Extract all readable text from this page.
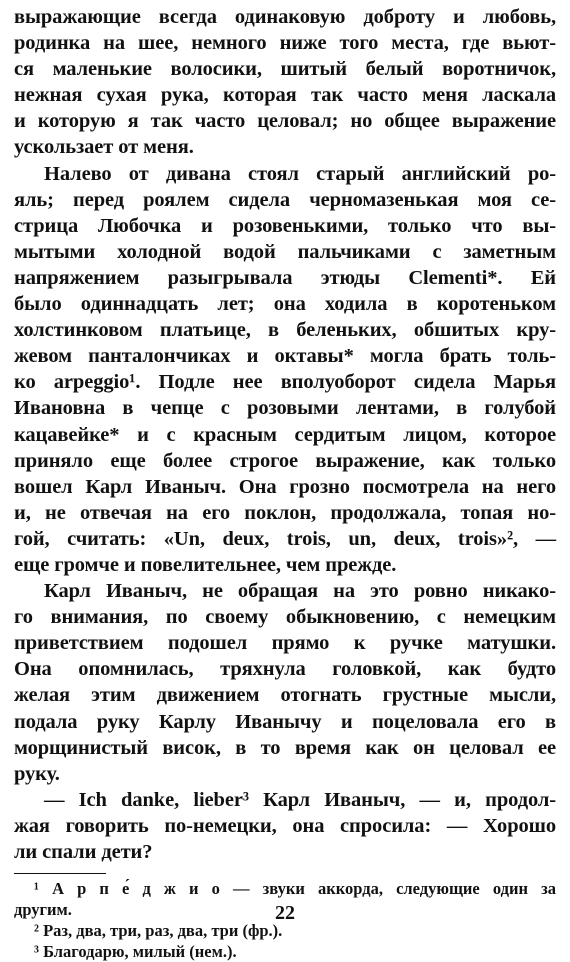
выражающие всегда одинаковую доброту и любовь,
родинка на шее, немного ниже того места, где вьют-
ся маленькие волосики, шитый белый воротничок,
нежная сухая рука, которая так часто меня ласкала
и которую я так часто целовал; но общее выражение
ускользает от меня.
Налево от дивана стоял старый английский ро-
яль; перед роялем сидела черномазенькая моя се-
стрица Любочка и розовенькими, только что вы-
мытыми холодной водой пальчиками с заметным
напряжением разыгрывала этюды Clementi*. Ей
было одиннадцать лет; она ходила в коротеньком
холстинковом платьице, в беленьких, обшитых кру-
жевом панталончиках и октавы* могла брать толь-
ко arpeggio¹. Подле нее вполуоборот сидела Марья
Ивановна в чепце с розовыми лентами, в голубой
кацавейке* и с красным сердитым лицом, которое
приняло еще более строгое выражение, как только
вошел Карл Иваныч. Она грозно посмотрела на него
и, не отвечая на его поклон, продолжала, топая но-
гой, считать: «Un, deux, trois, un, deux, trois»², —
еще громче и повелительнее, чем прежде.
Карл Иваныч, не обращая на это ровно никако-
го внимания, по своему обыкновению, с немецким
приветствием подошел прямо к ручке матушки.
Она опомнилась, тряхнула головкой, как будто
желая этим движением отогнать грустные мысли,
подала руку Карлу Иванычу и поцеловала его в
морщинистый висок, в то время как он целовал ее
руку.
— Ich danke, lieber³ Карл Иваныч, — и, продол-
жая говорить по-немецки, она спросила: — Хорошо
ли спали дети?
¹ А р п е́ д ж и о — звуки аккорда, следующие один за
другим.
² Раз, два, три, раз, два, три (фр.).
³ Благодарю, милый (нем.).
22
